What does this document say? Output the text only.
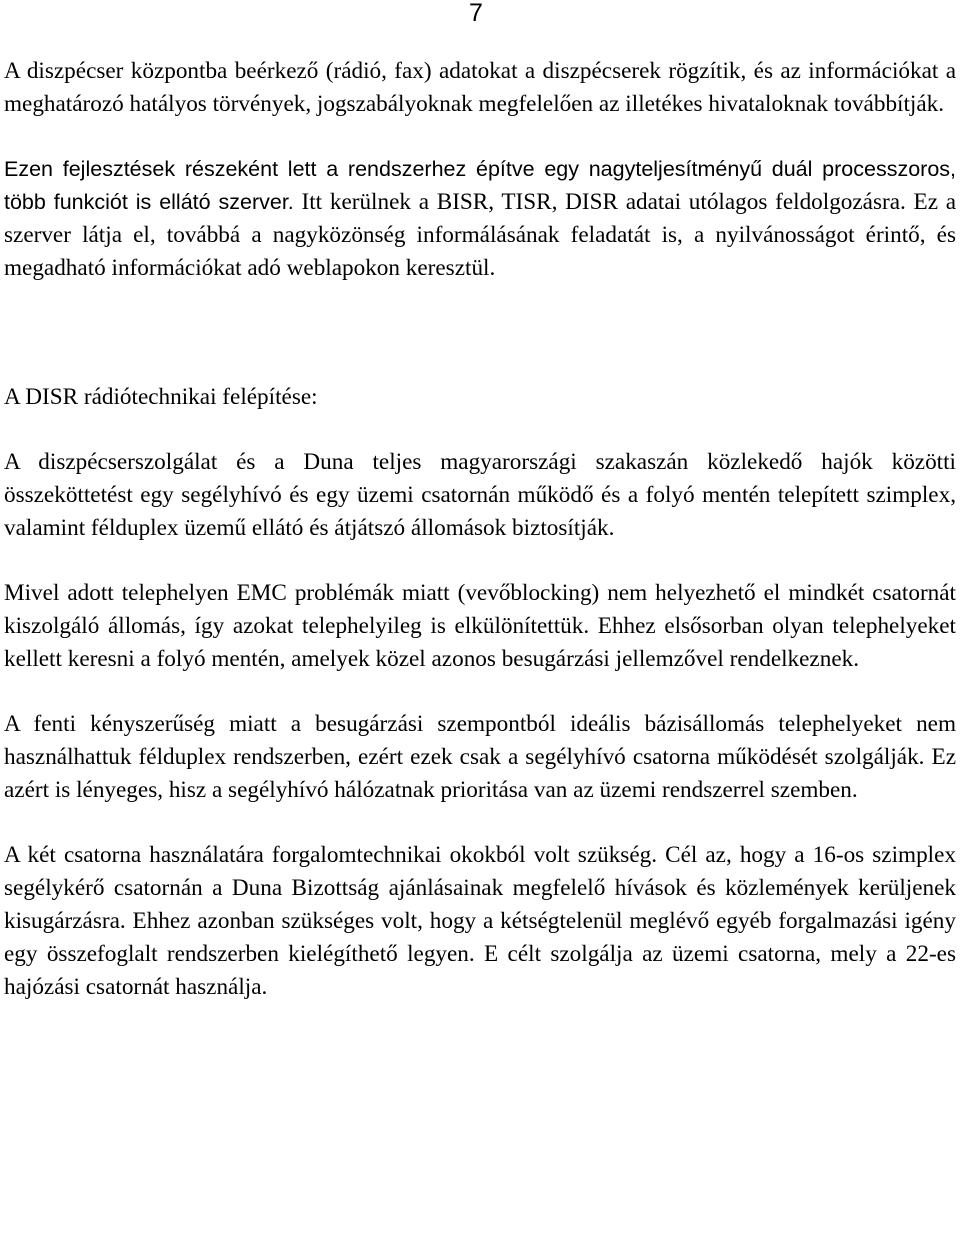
7

A diszpécser központba beérkező (rádió, fax) adatokat a diszpécserek rögzítik, és az információkat a meghatározó hatályos törvények, jogszabályoknak megfelelően az illetékes hivataloknak továbbítják.

Ezen fejlesztések részeként lett a rendszerhez építve egy nagyteljesítményű duál processzoros, több funkciót is ellátó szerver. Itt kerülnek a BISR, TISR, DISR adatai utólagos feldolgozásra. Ez a szerver látja el, továbbá a nagyközönség informálásának feladatát is, a nyilvánosságot érintő, és megadható információkat adó weblapokon keresztül.

A DISR rádiótechnikai felépítése:

A diszpécserszolgálat és a Duna teljes magyarországi szakaszán közlekedő hajók közötti összeköttetést egy segélyhívó és egy üzemi csatornán működő és a folyó mentén telepített szimplex, valamint félduplex üzemű ellátó és átjátszó állomások biztosítják.

Mivel adott telephelyen EMC problémák miatt (vevőblocking) nem helyezhető el mindkét csatornát kiszolgáló állomás, így azokat telephelyileg is elkülönítettük. Ehhez elsősorban olyan telephelyeket kellett keresni a folyó mentén, amelyek közel azonos besugárzási jellemzővel rendelkeznek.

A fenti kényszerűség miatt a besugárzási szempontból ideális bázisállomás telephelyeket nem használhattuk félduplex rendszerben, ezért ezek csak a segélyhívó csatorna működését szolgálják. Ez azért is lényeges, hisz a segélyhívó hálózatnak prioritása van az üzemi rendszerrel szemben.

A két csatorna használatára forgalomtechnikai okokból volt szükség. Cél az, hogy a 16-os szimplex segélykérő csatornán a Duna Bizottság ajánlásainak megfelelő hívások és közlemények kerüljenek kisugárzásra. Ehhez azonban szükséges volt, hogy a kétségtelenül meglévő egyéb forgalmazási igény egy összefoglalt rendszerben kielégíthető legyen. E célt szolgálja az üzemi csatorna, mely a 22-es hajózási csatornát használja.
